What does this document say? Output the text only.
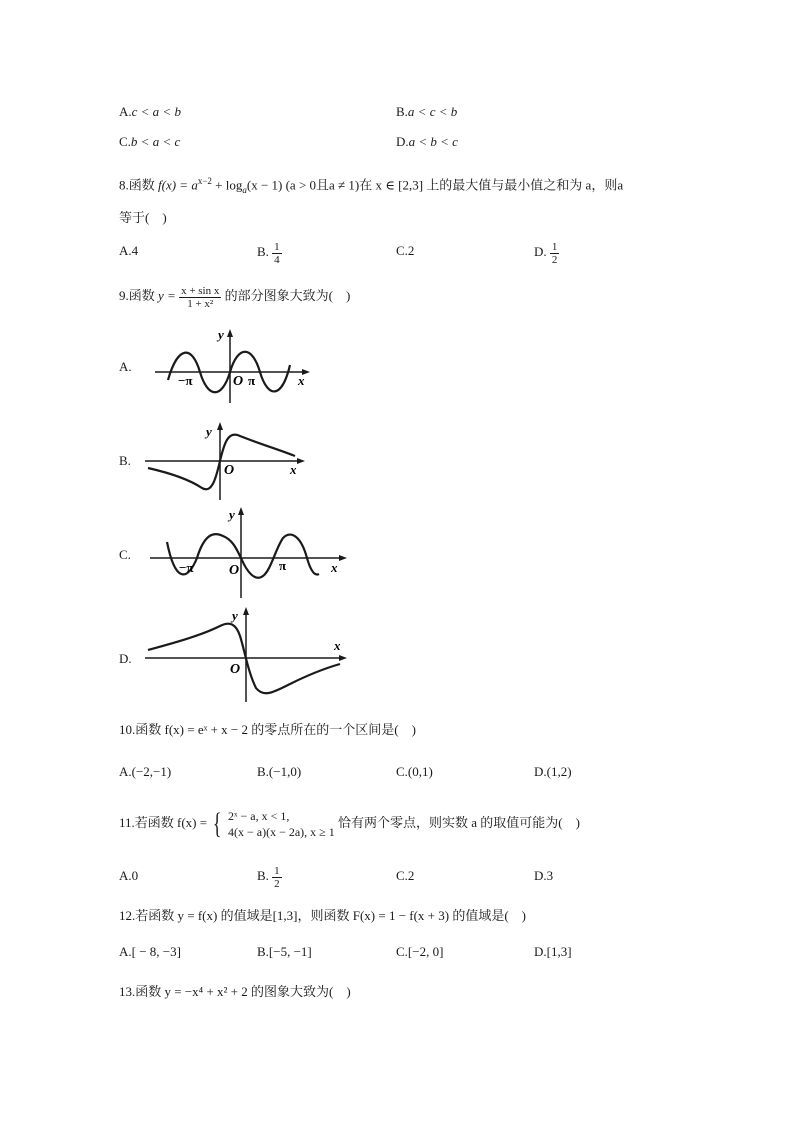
A.c < a < b	B.a < c < b
C.b < a < c	D.a < b < c
8.函数 $f(x) = a^{x-2} + \log_a(x - 1) (a > 0$且a ≠ 1)在 x ∈ [2,3] 上的最大值与最小值之和为 a，则a
等于(　)
A.4	B. $\frac{1}{4}$	C.2	D. $\frac{1}{2}$
9.函数 $y = \frac{\text{x + sin x}}{\text{1 + x²}}$ 的部分图象大致为(　)
A.
y
x
O
−π	π
B.
y
x
O
C.
y
x
O
−π	π
D.
y
x
O
10.函数 f(x) = eˣ + x − 2 的零点所在的一个区间是(　)
A.(−2,−1)	B.(−1,0)	C.(0,1)	D.(1,2)
11.若函数 f(x) = { 2ˣ − a, x < 1,
4(x − a)(x − 2a), x ≥ 1
恰有两个零点，则实数 a 的取值可能为(　)
A.0	B. $\frac{1}{2}$	C.2	D.3
12.若函数 y = f(x) 的值域是[1,3]，则函数 F(x) = 1 − f(x + 3) 的值域是(　)
A.[ − 8, −3]	B.[−5, −1]	C.[−2, 0]	D.[1,3]
13.函数 y = −x⁴ + x² + 2 的图象大致为(　)
